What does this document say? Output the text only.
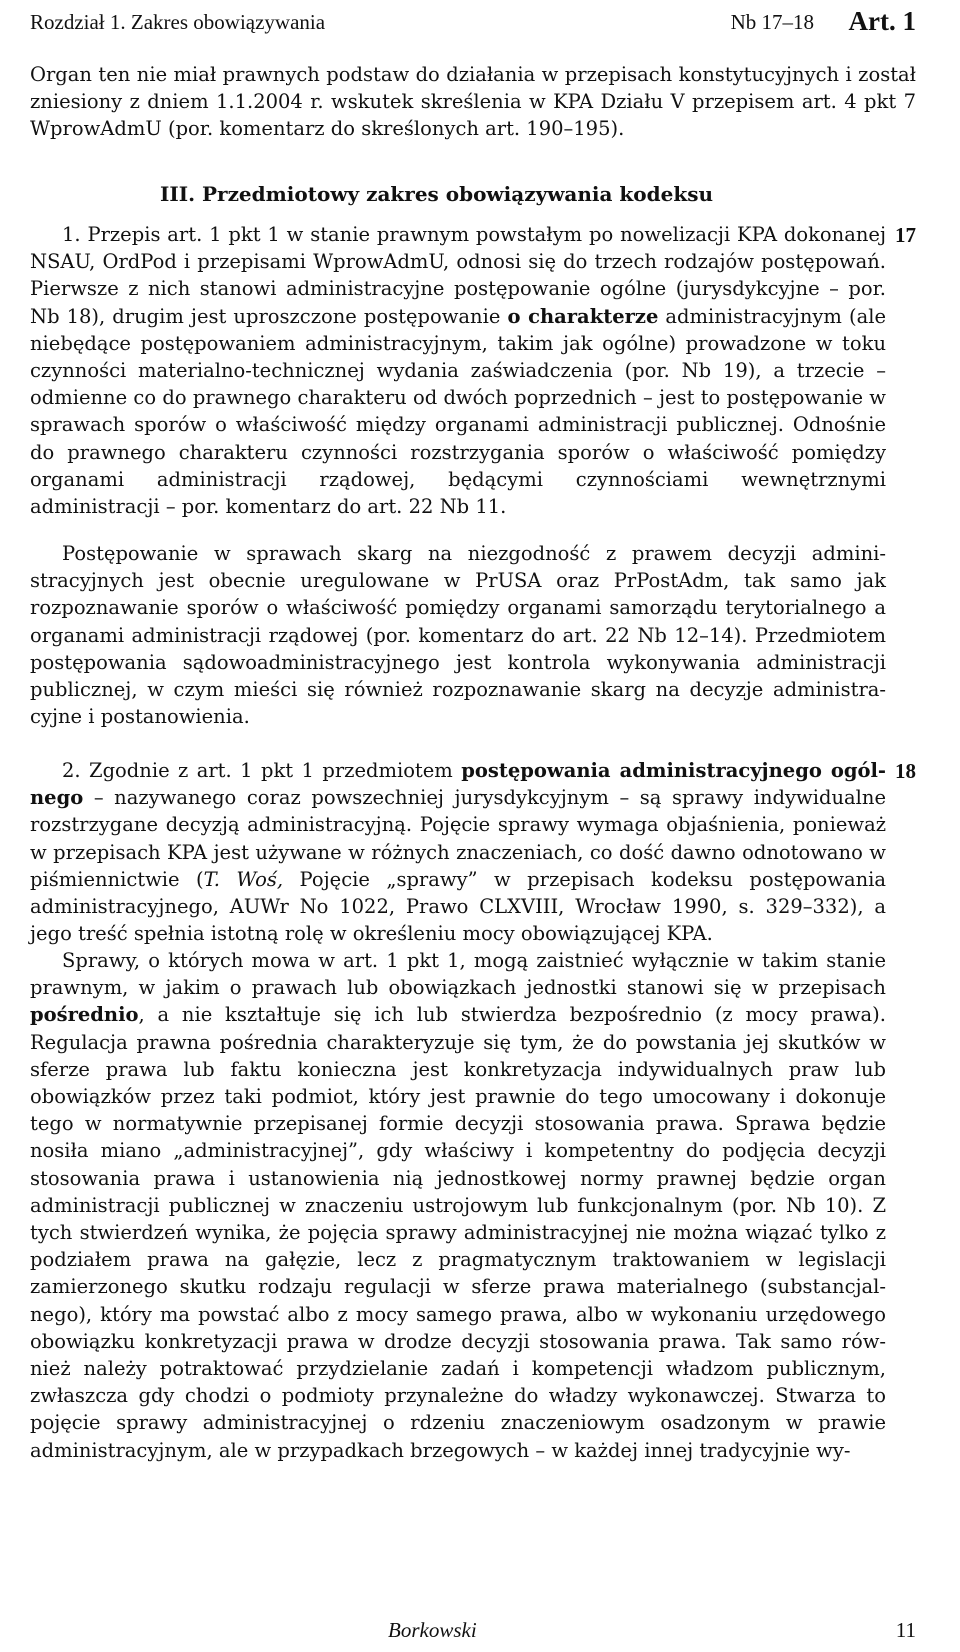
Rozdział 1. Zakres obowiązywania	Nb 17–18 Art. 1

Organ ten nie miał prawnych podstaw do działania w przepisach konstytucyjnych i został zniesiony z dniem 1.1.2004 r. wskutek skreślenia w KPA Działu V przepisem art. 4 pkt 7 WprowAdmU (por. komentarz do skreślonych art. 190–195).

III. Przedmiotowy zakres obowiązywania kodeksu
17

1. Przepis art. 1 pkt 1 w stanie prawnym powstałym po nowelizacji KPA dokonanej NSAU, OrdPod i przepisami WprowAdmU, odnosi się do trzech rodzajów postępowań. Pierwsze z nich stanowi administracyjne postępowanie ogólne (jurysdykcyjne – por. Nb 18), drugim jest uproszczone postępowanie o charakterze administracyjnym (ale niebędące postępowaniem administracyjnym, takim jak ogólne) prowadzone w toku czynności materialno-technicznej wydania zaświadczenia (por. Nb 19), a trzecie – odmienne co do prawnego charakteru od dwóch poprzednich – jest to postępowanie w sprawach sporów o właściwość między organami administracji publicznej. Odnośnie do prawnego charakteru czynności rozstrzygania sporów o właściwość pomiędzy organami administracji rządowej, będącymi czynnościami wewnętrznymi administracji – por. komentarz do art. 22 Nb 11.

Postępowanie w sprawach skarg na niezgodność z prawem decyzji administracyjnych jest obecnie uregulowane w PrUSA oraz PrPostAdm, tak samo jak rozpoznawanie sporów o właściwość pomiędzy organami samorządu terytorialnego a organami administracji rządowej (por. komentarz do art. 22 Nb 12–14). Przedmiotem postępowania sądowoadministracyjnego jest kontrola wykonywania administracji publicznej, w czym mieści się również rozpoznawanie skarg na decyzje administracyjne i postanowienia.

18

2. Zgodnie z art. 1 pkt 1 przedmiotem postępowania administracyjnego ogólnego – nazywanego coraz powszechniej jurysdykcyjnym – są sprawy indywidualne rozstrzygane decyzją administracyjną. Pojęcie sprawy wymaga objaśnienia, ponieważ w przepisach KPA jest używane w różnych znaczeniach, co dość dawno odnotowano w piśmiennictwie (T. Woś, Pojęcie „sprawy” w przepisach kodeksu postępowania administracyjnego, AUWr No 1022, Prawo CLXVIII, Wrocław 1990, s. 329–332), a jego treść spełnia istotną rolę w określeniu mocy obowiązującej KPA.

Sprawy, o których mowa w art. 1 pkt 1, mogą zaistnieć wyłącznie w takim stanie prawnym, w jakim o prawach lub obowiązkach jednostki stanowi się w przepisach pośrednio, a nie kształtuje się ich lub stwierdza bezpośrednio (z mocy prawa). Regulacja prawna pośrednia charakteryzuje się tym, że do powstania jej skutków w sferze prawa lub faktu konieczna jest konkretyzacja indywidualnych praw lub obowiązków przez taki podmiot, który jest prawnie do tego umocowany i dokonuje tego w normatywnie przepisanej formie decyzji stosowania prawa. Sprawa będzie nosiła miano „administracyjnej”, gdy właściwy i kompetentny do podjęcia decyzji stosowania prawa i ustanowienia nią jednostkowej normy prawnej będzie organ administracji publicznej w znaczeniu ustrojowym lub funkcjonalnym (por. Nb 10). Z tych stwierdzeń wynika, że pojęcia sprawy administracyjnej nie można wiązać tylko z podziałem prawa na gałęzie, lecz z pragmatycznym traktowaniem w legislacji zamierzonego skutku rodzaju regulacji w sferze prawa materialnego (substancjalnego), który ma powstać albo z mocy samego prawa, albo w wykonaniu urzędowego obowiązku konkretyzacji prawa w drodze decyzji stosowania prawa. Tak samo również należy potraktować przydzielanie zadań i kompetencji władzom publicznym, zwłaszcza gdy chodzi o podmioty przynależne do władzy wykonawczej. Stwarza to pojęcie sprawy administracyjnej o rdzeniu znaczeniowym osadzonym w prawie administracyjnym, ale w przypadkach brzegowych – w każdej innej tradycyjnie wy-

Borkowski	11
